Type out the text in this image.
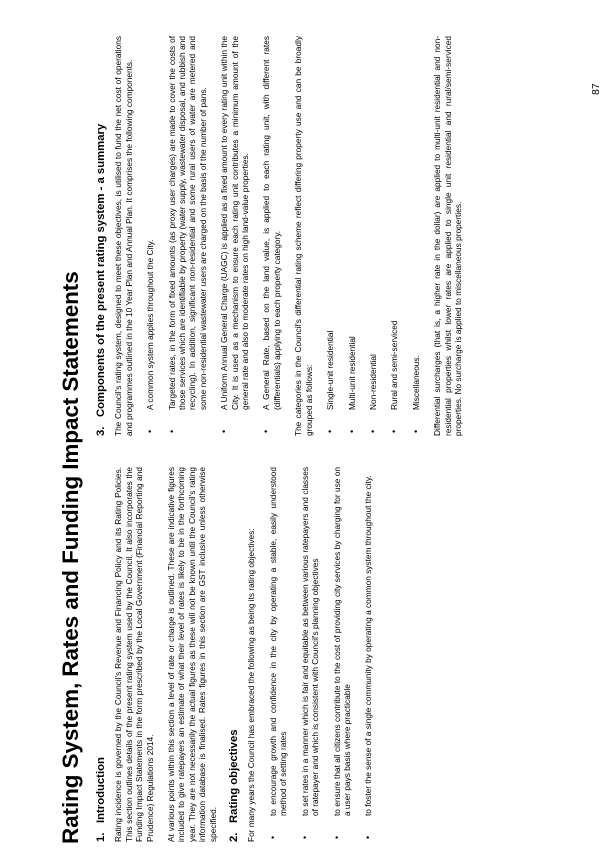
Rating System, Rates and Funding Impact Statements 1.Introduction Rating incidence is governed by the Council's Revenue and Financing Policy and its Rating Policies. This section outlines details of the present rating system used by the Council. It also incorporates the Funding Impact Statements in the form prescribed by the Local Government (Financial Reporting and Prudence) Regulations 2014. At various points within this section a level of rate or charge is outlined. These are indicative figures included to give ratepayers an estimate of what their level of rates is likely to be in the forthcoming year. They are not necessarily the actual figures as these will not be known until the Council's rating information database is finalised. Rates figures in this section are GST inclusive unless otherwise specified. 2.Rating objectives For many years the Council has embraced the following as being its rating objectives: • to encourage growth and confidence in the city by operating a stable, easily understood method of setting rates • to set rates in a manner which is fair and equitable as between various ratepayers and classes of ratepayer and which is consistent with Council's planning objectives • to ensure that all citizens contribute to the cost of providing city services by charging for use on a user pays basis where practicable • to foster the sense of a single community by operating a common system throughout the city.
3.Components of the present rating system - a summary The Council's rating system, designed to meet these objectives, is utilised to fund the net cost of operations and programmes outlined in the 10 Year Plan and Annual Plan. It comprises the following components. • A common system applies throughout the City. • Targeted rates, in the form of fixed amounts (as proxy user charges) are made to cover the costs of those services which are identifiable by property (water supply, wastewater disposal, and rubbish and recycling). In addition, significant non-residential and some rural users of water are metered and some non-residential wastewater users are charged on the basis of the number of pans. • A Uniform Annual General Charge (UAGC) is applied as a fixed amount to every rating unit within the City. It is used as a mechanism to ensure each rating unit contributes a minimum amount of the general rate and also to moderate rates on high land-value properties. • A General Rate, based on the land value, is applied to each rating unit, with different rates (differentials) applying to each property category. The categories in the Council's differential rating scheme reflect differing property use and can be broadly grouped as follows: • Single-unit residential • Multi-unit residential • Non-residential • Rural and semi-serviced • Miscellaneous. Differential surcharges (that is, a higher rate in the dollar) are applied to multi-unit residential and non-residential properties whilst lower rates are applied to single unit residential and rural/semi-serviced properties. No surcharge is applied to miscellaneous properties.

87
